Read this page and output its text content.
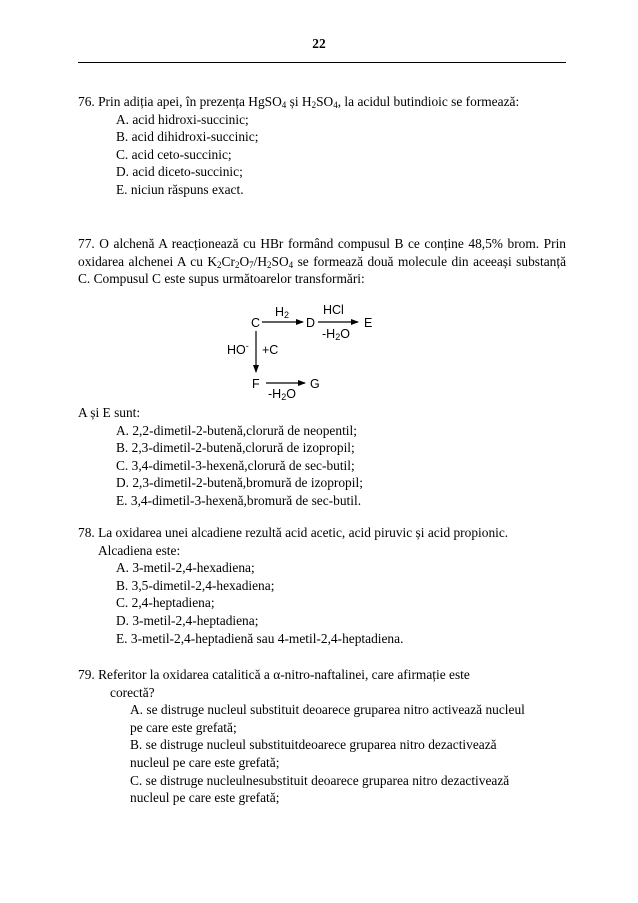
22

76. Prin adiția apei, în prezența HgSO$_4$ și $H_2SO_4$, la acidul butindioic se formează:

A. acid hidroxi-succinic;
B. acid dihidroxi-succinic;
C. acid ceto-succinic;
D. acid diceto-succinic;
E. niciun răspuns exact.

77. O alchenă A reacționează cu HBr formând compusul B ce conține 48,5% brom. Prin oxidarea alchenei A cu $K_2Cr_2O_7/H_2SO_4$ se formează două molecule din aceeași substanță C. Compusul C este supus următoarelor transformări:

C	D	E
F	G
$H_2$	HCl
$-H_2O$
HO- +C
$-H_2O$

A și E sunt:

A. 2,2-dimetil-2-butenă,clorură de neopentil;
B. 2,3-dimetil-2-butenă,clorură de izopropil;
C. 3,4-dimetil-3-hexenă,clorură de sec-butil;
D. 2,3-dimetil-2-butenă,bromură de izopropil;
E. 3,4-dimetil-3-hexenă,bromură de sec-butil.

78. La oxidarea unei alcadiene rezultă acid acetic, acid piruvic și acid propionic.

Alcadiena este:

A. 3-metil-2,4-hexadiena;
B. 3,5-dimetil-2,4-hexadiena;
C. 2,4-heptadiena;
D. 3-metil-2,4-heptadiena;
E. 3-metil-2,4-heptadienă sau 4-metil-2,4-heptadiena.

79. Referitor la oxidarea catalitică a α-nitro-naftalinei, care afirmație este

corectă?

A. se distruge nucleul substituit deoarece gruparea nitro activează nucleul pe care este grefată;
B. se distruge nucleul substituitdeoarece gruparea nitro dezactivează nucleul pe care este grefată;
C. se distruge nucleulnesubstituit deoarece gruparea nitro dezactivează nucleul pe care este grefată;
